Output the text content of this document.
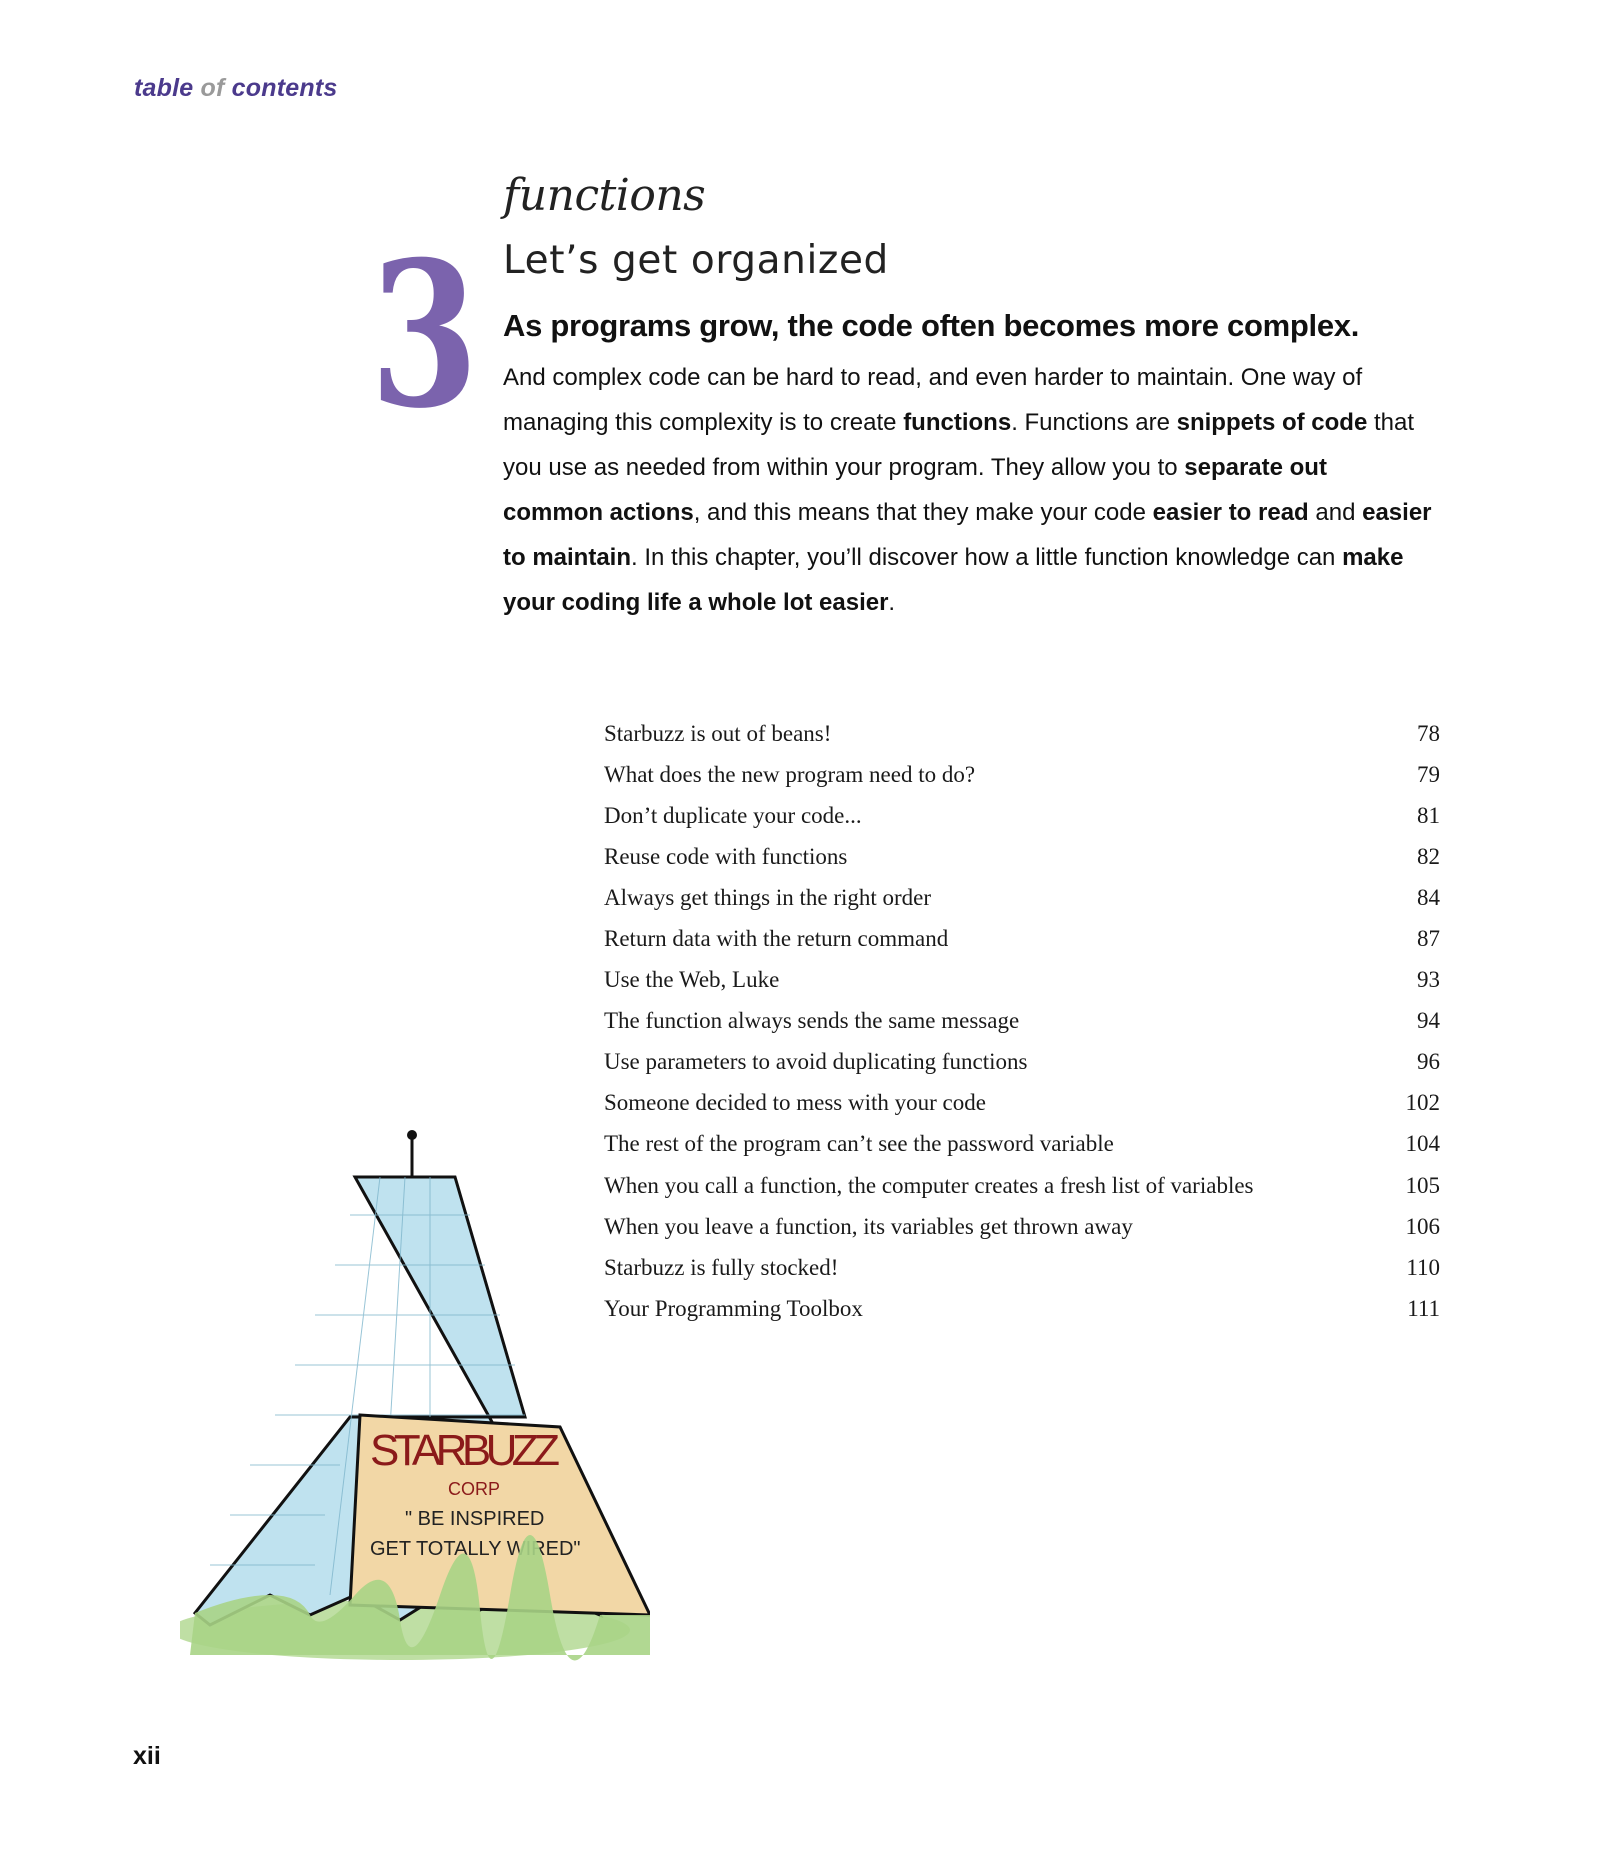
table of contents
3
functions
Let’s get organized
As programs grow, the code often becomes more complex.
And complex code can be hard to read, and even harder to maintain. One way of managing this complexity is to create functions. Functions are snippets of code that you use as needed from within your program. They allow you to separate out common actions, and this means that they make your code easier to read and easier to maintain. In this chapter, you’ll discover how a little function knowledge can make your coding life a whole lot easier.
Starbuzz is out of beans!	78
What does the new program need to do?	79
Don’t duplicate your code...	81
Reuse code with functions	82
Always get things in the right order	84
Return data with the return command	87
Use the Web, Luke	93
The function always sends the same message	94
Use parameters to avoid duplicating functions	96
Someone decided to mess with your code	102
The rest of the program can’t see the password variable	104
When you call a function, the computer creates a fresh list of variables	105
When you leave a function, its variables get thrown away	106
Starbuzz is fully stocked!	110
Your Programming Toolbox	111
STARBUZZ
CORP
" BE INSPIRED
GET TOTALLY WIRED"
xii
